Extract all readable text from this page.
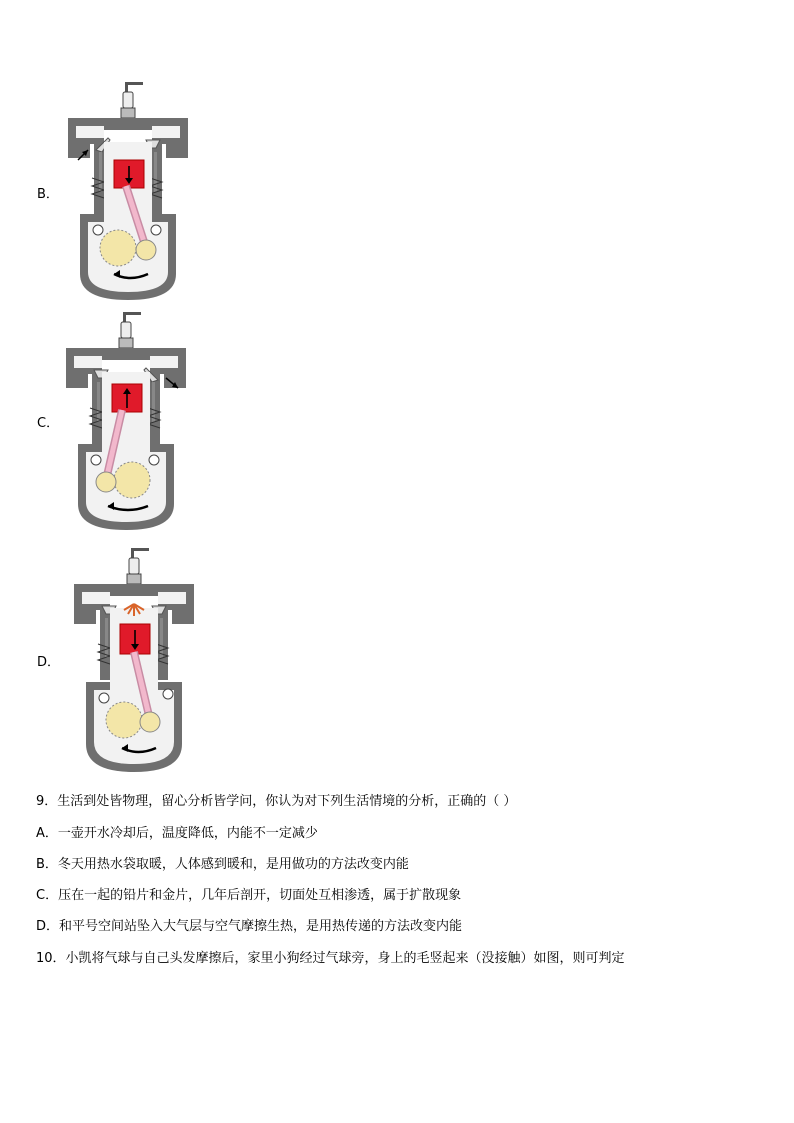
B．
C．
D．
9．生活到处皆物理，留心分析皆学问，你认为对下列生活情境的分析，正确的（ ）
A．一壶开水冷却后，温度降低，内能不一定减少
B．冬天用热水袋取暖，人体感到暖和，是用做功的方法改变内能
C．压在一起的铅片和金片，几年后剖开，切面处互相渗透，属于扩散现象
D．和平号空间站坠入大气层与空气摩擦生热，是用热传递的方法改变内能
10．小凯将气球与自己头发摩擦后，家里小狗经过气球旁，身上的毛竖起来（没接触）如图，则可判定
